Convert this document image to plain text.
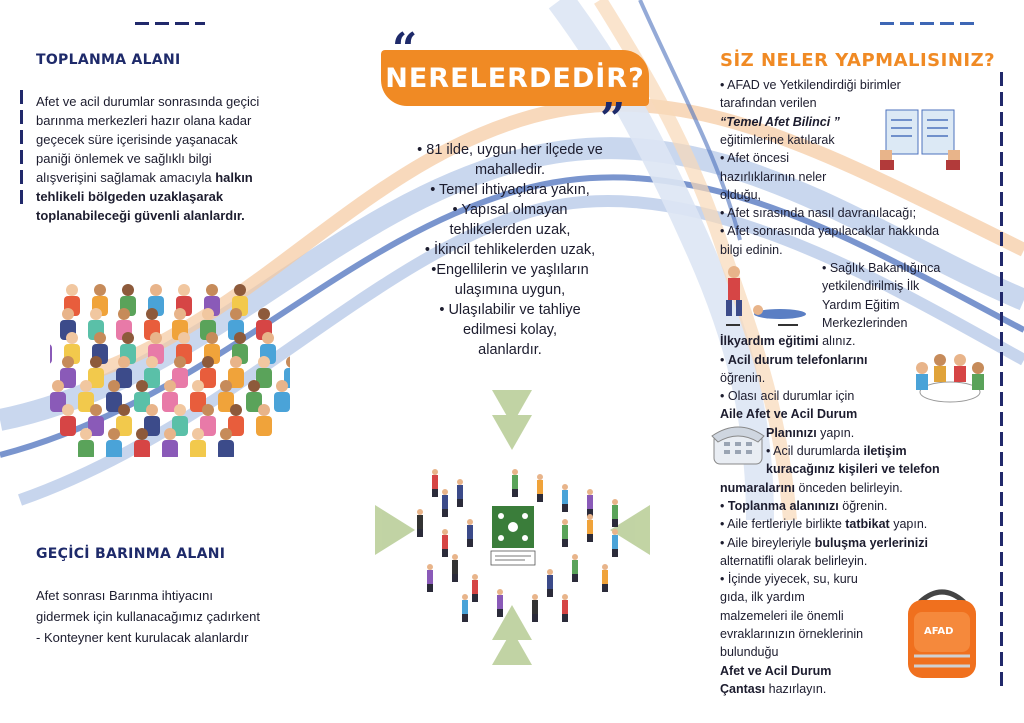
TOPLANMA ALANI
Afet ve acil durumlar sonrasında geçici
barınma merkezleri hazır olana kadar
geçecek süre içerisinde yaşanacak
paniği önlemek ve sağlıklı bilgi
alışverişini sağlamak amacıyla halkın
tehlikeli bölgeden uzaklaşarak
toplanabileceği güvenli alanlardır.
GEÇİCİ BARINMA ALANI
Afet sonrası Barınma ihtiyacını
gidermek için kullanacağımız çadırkent
- Konteyner kent kurulacak alanlardır
NERELERDEDİR?
”
• 81 ilde, uygun her ilçede ve
mahalledir.
• Temel ihtiyaçlara yakın,
• Yapısal olmayan
tehlikelerden uzak,
• İkincil tehlikelerden uzak,
•Engellilerin ve yaşlıların
ulaşımına uygun,
• Ulaşılabilir ve tahliye
edilmesi kolay,
alanlardır.
SİZ NELER YAPMALISINIZ?
• AFAD ve Yetkilendirdiği birimler
tarafından verilen
“Temel Afet Bilinci ”
eğitimlerine katılarak
• Afet öncesi
hazırlıklarının neler
olduğu,
• Afet sırasında nasıl davranılacağı;
• Afet sonrasında yapılacaklar hakkında
bilgi edinin.
• Sağlık Bakanlığınca
yetkilendirilmiş İlk
Yardım Eğitim
Merkezlerinden
İlkyardım eğitimi alınız.
• Acil durum telefonlarını
öğrenin.
• Olası acil durumlar için
Aile Afet ve Acil Durum
Planınızı yapın.
• Acil durumlarda iletişim
kuracağınız kişileri ve telefon
numaralarını önceden belirleyin.
• Toplanma alanınızı öğrenin.
• Aile fertleriyle birlikte tatbikat yapın.
• Aile bireyleriyle buluşma yerlerinizi
alternatifli olarak belirleyin.
• İçinde yiyecek, su, kuru
gıda, ilk yardım
malzemeleri ile önemli
evraklarınızın örneklerinin
bulunduğu
Afet ve Acil Durum
Çantası hazırlayın.
AFAD
